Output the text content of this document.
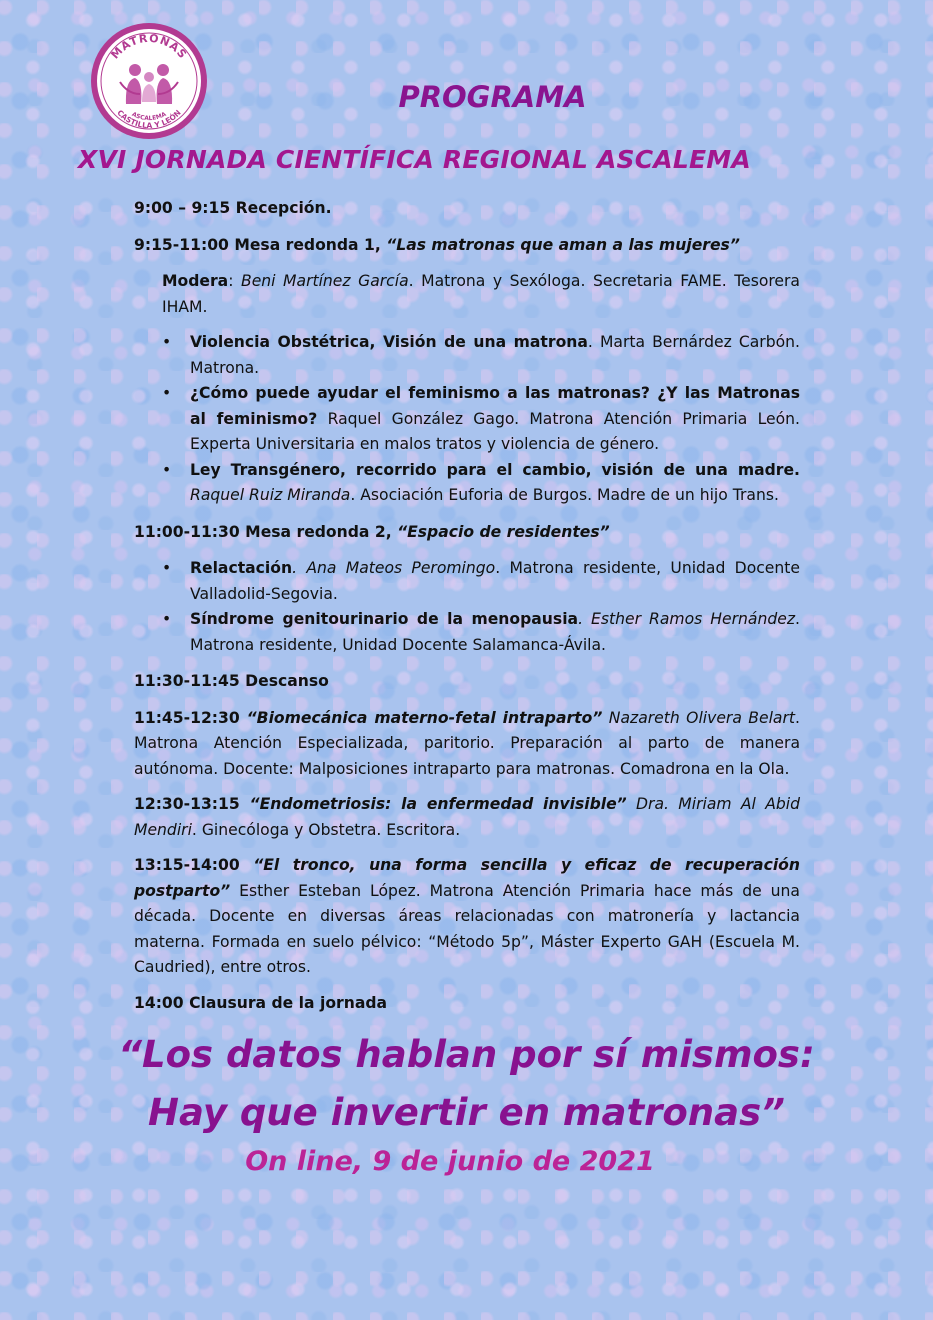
MATRONAS
CASTILLA Y LEÓN
ASCALEMA
PROGRAMA
XVI JORNADA CIENTÍFICA REGIONAL ASCALEMA

9:00 – 9:15 Recepción.

9:15-11:00 Mesa redonda 1, “Las matronas que aman a las mujeres”

Modera: Beni Martínez García. Matrona y Sexóloga. Secretaria FAME. Tesorera IHAM.

• Violencia Obstétrica, Visión de una matrona. Marta Bernárdez Carbón. Matrona.
• ¿Cómo puede ayudar el feminismo a las matronas? ¿Y las Matronas al feminismo? Raquel González Gago. Matrona Atención Primaria León. Experta Universitaria en malos tratos y violencia de género.
• Ley Transgénero, recorrido para el cambio, visión de una madre. Raquel Ruiz Miranda. Asociación Euforia de Burgos. Madre de un hijo Trans.

11:00-11:30 Mesa redonda 2, “Espacio de residentes”

• Relactación. Ana Mateos Peromingo. Matrona residente, Unidad Docente Valladolid-Segovia.
• Síndrome genitourinario de la menopausia. Esther Ramos Hernández. Matrona residente, Unidad Docente Salamanca-Ávila.

11:30-11:45 Descanso

11:45-12:30 “Biomecánica materno-fetal intraparto” Nazareth Olivera Belart. Matrona Atención Especializada, paritorio. Preparación al parto de manera autónoma. Docente: Malposiciones intraparto para matronas. Comadrona en la Ola.

12:30-13:15 “Endometriosis: la enfermedad invisible” Dra. Miriam Al Abid Mendiri. Ginecóloga y Obstetra. Escritora.

13:15-14:00 “El tronco, una forma sencilla y eficaz de recuperación postparto” Esther Esteban López. Matrona Atención Primaria hace más de una década. Docente en diversas áreas relacionadas con matronería y lactancia materna. Formada en suelo pélvico: “Método 5p”, Máster Experto GAH (Escuela M. Caudried), entre otros.

14:00 Clausura de la jornada

“Los datos hablan por sí mismos:

Hay que invertir en matronas”

On line, 9 de junio de 2021
